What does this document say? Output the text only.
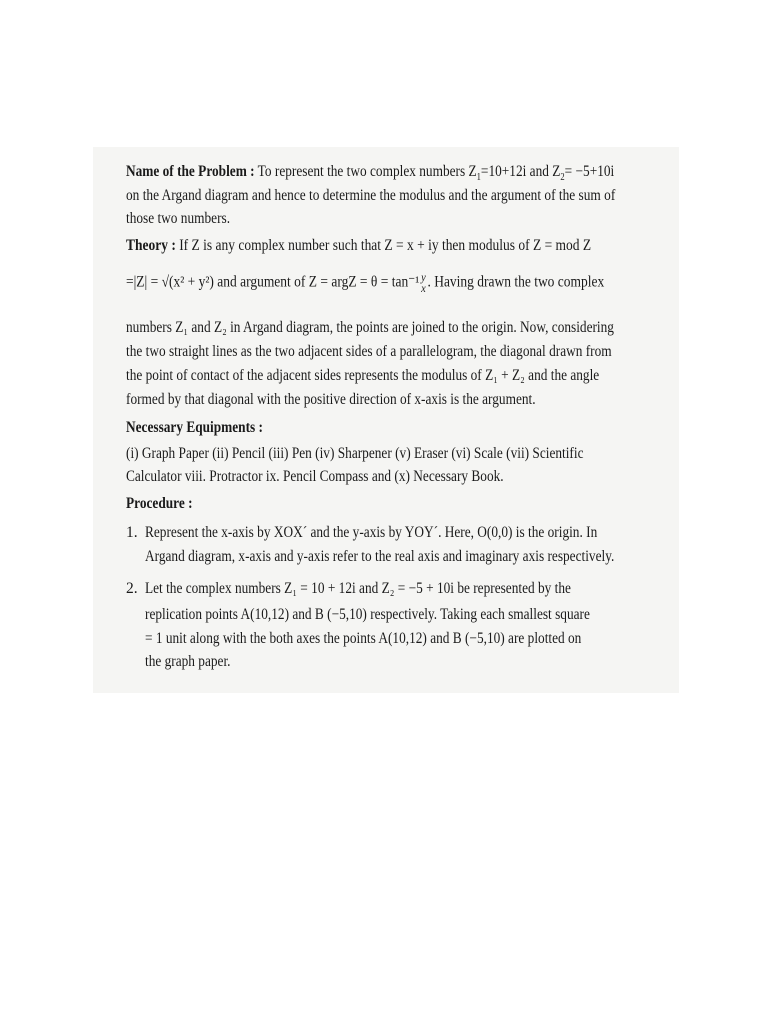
Name of the Problem : To represent the two complex numbers $Z_1=10+12i$ and $Z_2= -5+10i$
on the Argand diagram and hence to determine the modulus and the argument of the sum of
those two numbers.
Theory : If Z is any complex number such that Z = x + iy then modulus of Z = mod Z
=|Z| = √(x² + y²) and argument of Z = argZ = θ = tan⁻¹ y
x . Having drawn the two complex
numbers Z₁ and Z₂ in Argand diagram, the points are joined to the origin. Now, considering
the two straight lines as the two adjacent sides of a parallelogram, the diagonal drawn from
the point of contact of the adjacent sides represents the modulus of Z₁ + Z₂ and the angle
formed by that diagonal with the positive direction of x-axis is the argument.
Necessary Equipments :
(i) Graph Paper (ii) Pencil (iii) Pen (iv) Sharpener (v) Eraser (vi) Scale (vii) Scientific
Calculator viii. Protractor ix. Pencil Compass and (x) Necessary Book.
Procedure :
1. Represent the x-axis by XOX´ and the y-axis by YOY´. Here, O(0,0) is the origin. In
Argand diagram, x-axis and y-axis refer to the real axis and imaginary axis respectively.
2. Let the complex numbers Z₁ = 10 + 12i and Z₂ = −5 + 10i be represented by the
replication points A(10,12) and B (−5,10) respectively. Taking each smallest square
= 1 unit along with the both axes the points A(10,12) and B (−5,10) are plotted on
the graph paper.
